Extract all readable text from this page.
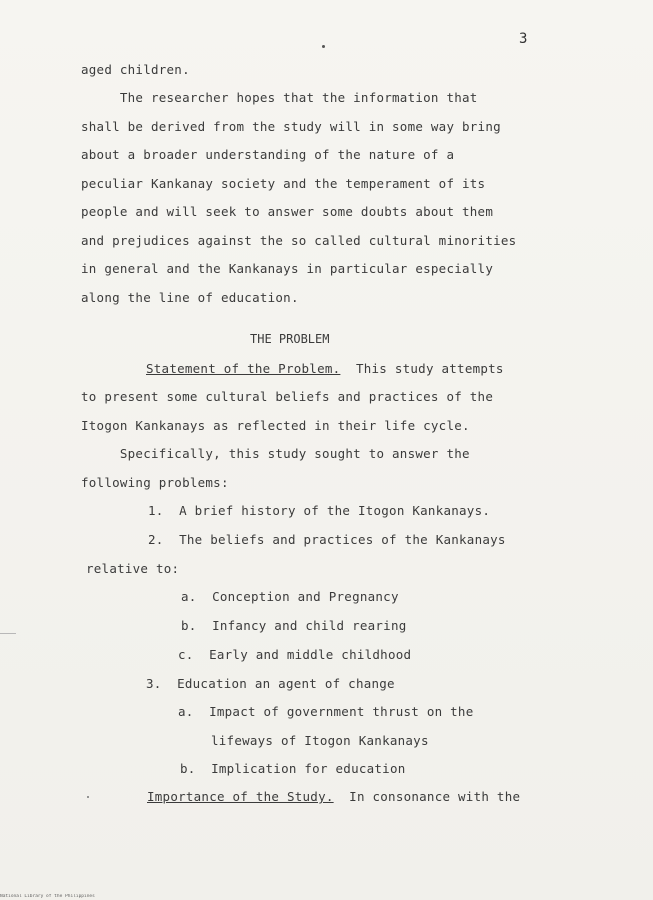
3
aged children.
The researcher hopes that the information that
shall be derived from the study will in some way bring
about a broader understanding of the nature of a
peculiar Kankanay society and the temperament of its
people and will seek to answer some doubts about them
and prejudices against the so called cultural minorities
in general and the Kankanays in particular especially
along the line of education.
THE PROBLEM
Statement of the Problem.  This study attempts
to present some cultural beliefs and practices of the
Itogon Kankanays as reflected in their life cycle.
Specifically, this study sought to answer the
following problems:
1.  A brief history of the Itogon Kankanays.
2.  The beliefs and practices of the Kankanays
relative to:
a.  Conception and Pregnancy
b.  Infancy and child rearing
c.  Early and middle childhood
3.  Education an agent of change
a.  Impact of government thrust on the
lifeways of Itogon Kankanays
b.  Implication for education
Importance of the Study.  In consonance with the
National Library of the Philippines
